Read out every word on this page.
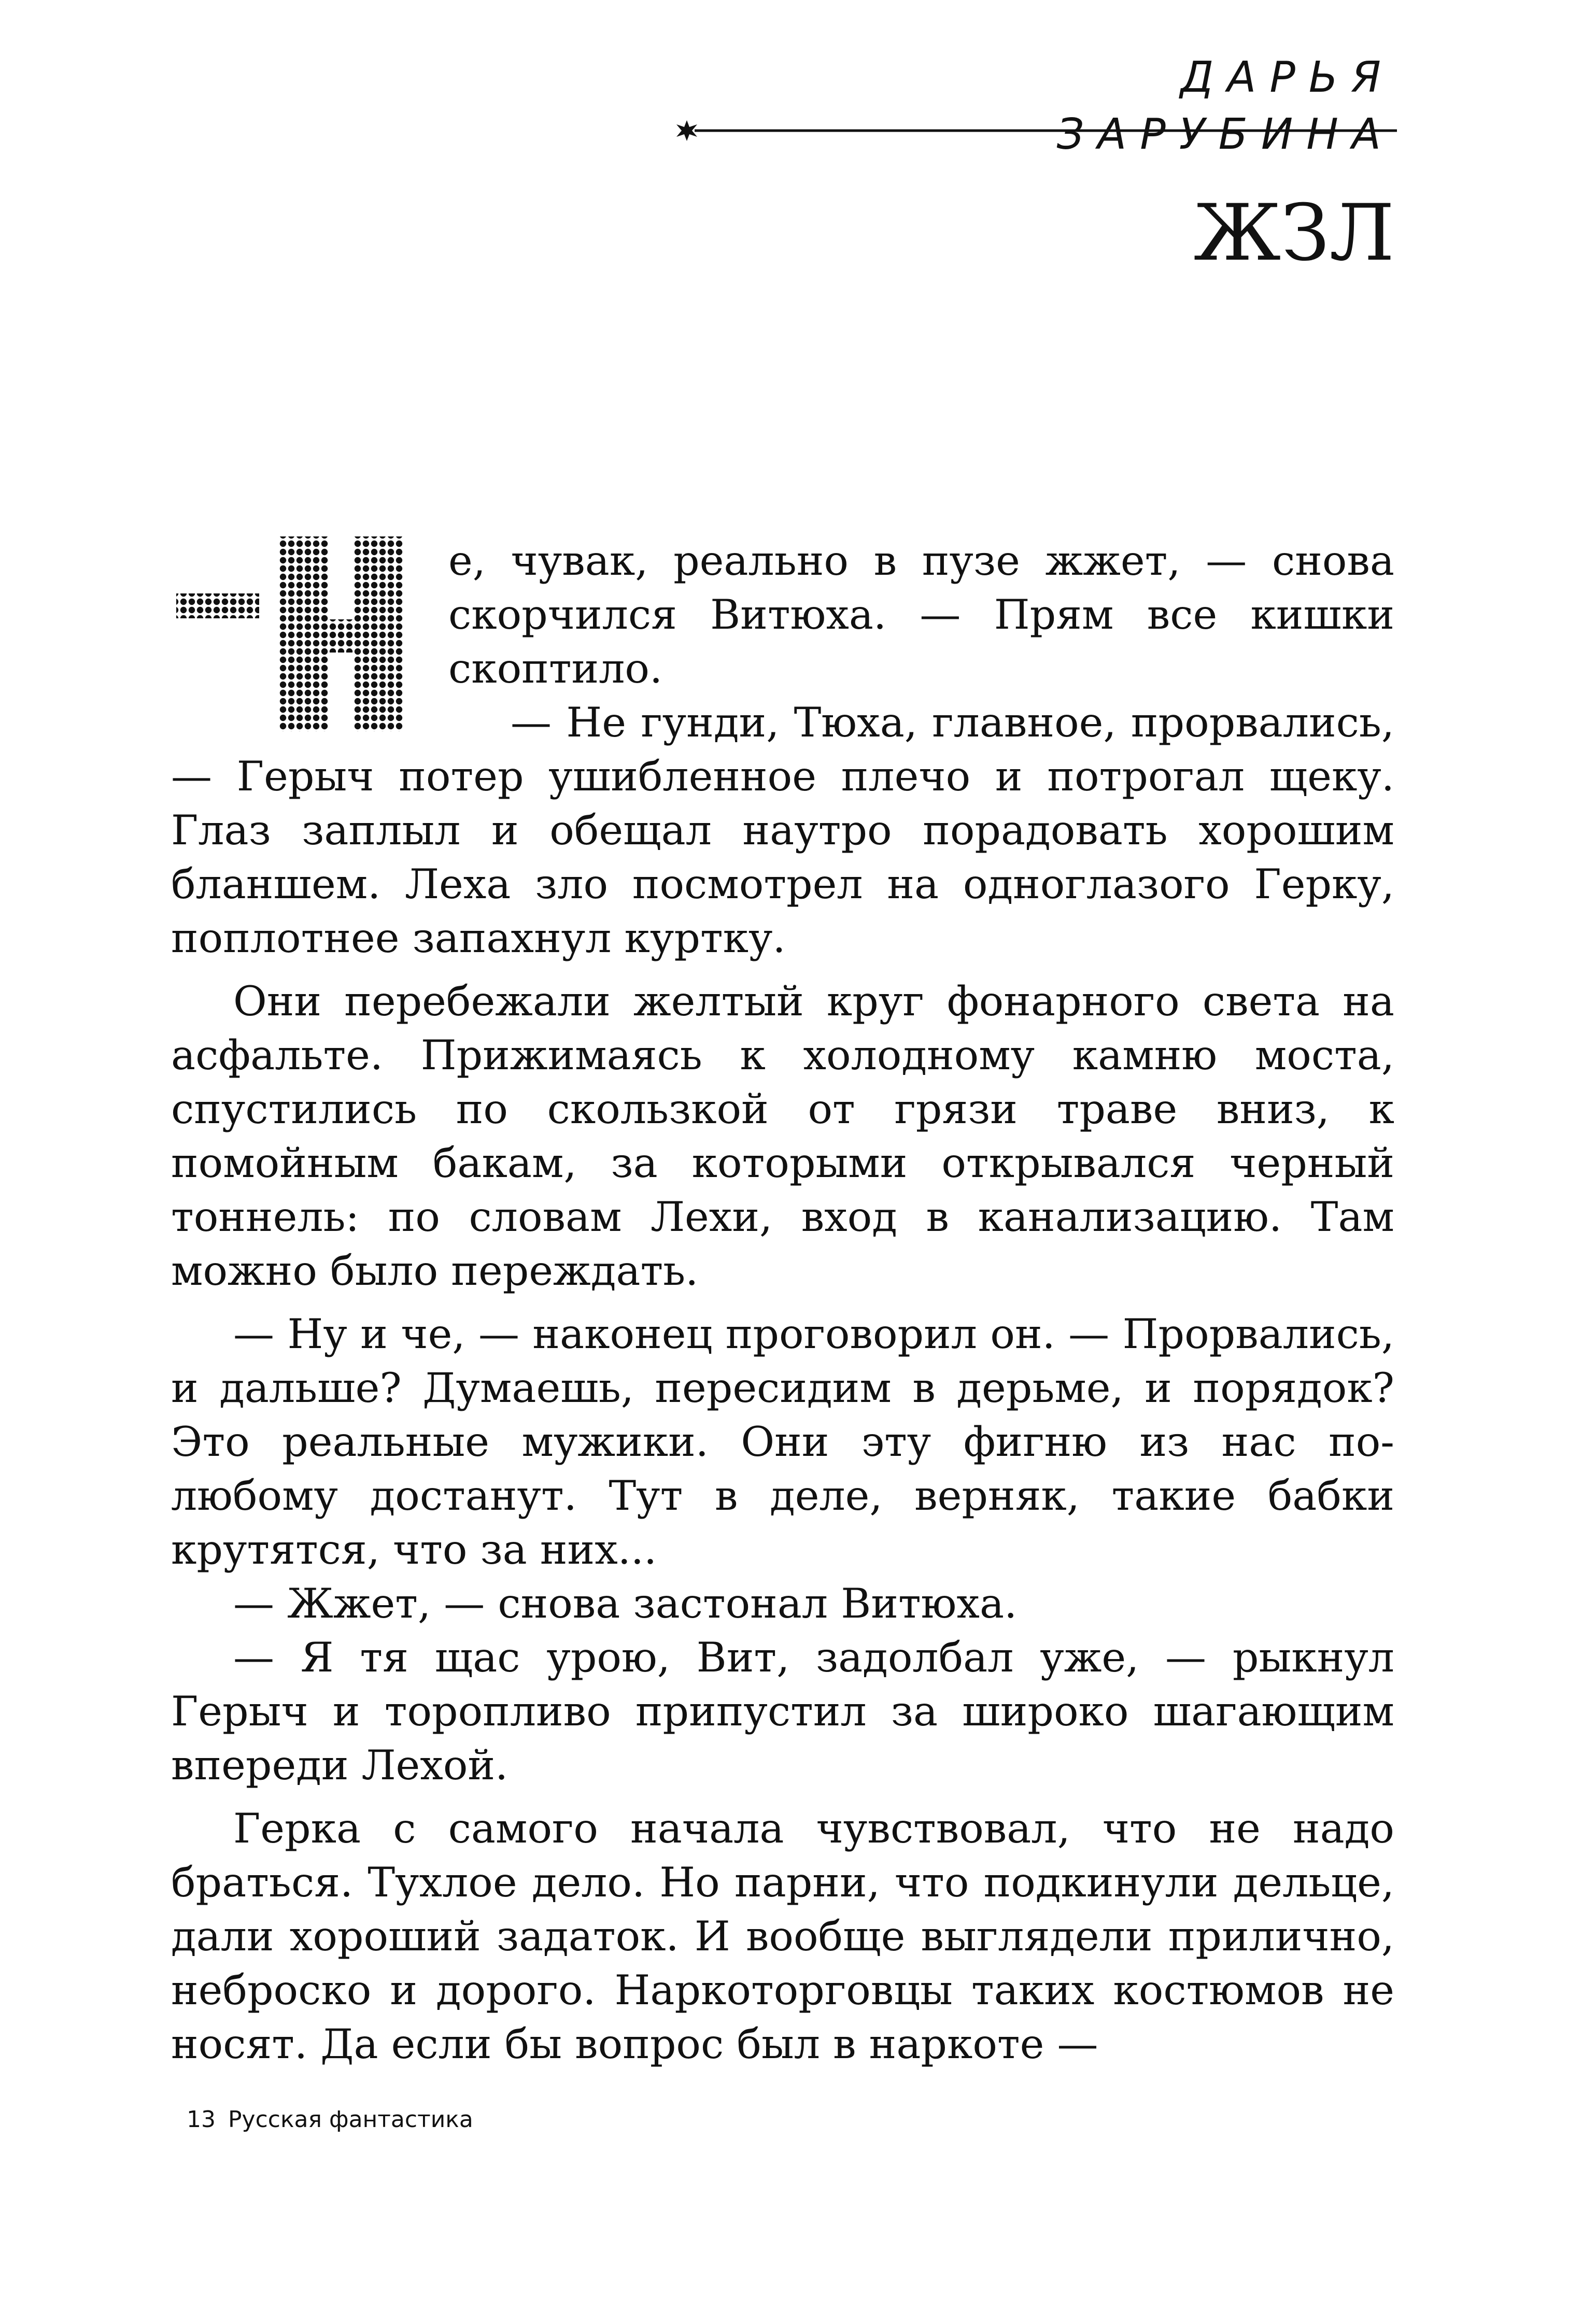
ДАРЬЯ ЗАРУБИНА
ЖЗЛ

е, чувак, реально в пузе жжет, — снова скорчился Витюха. — Прям все кишки скоптило.

— Не гунди, Тюха, главное, прорвались, — Герыч потер ушибленное плечо и потрогал щеку. Глаз заплыл и обещал наутро порадовать хорошим бланшем. Леха зло посмотрел на одноглазого Герку, поплотнее запахнул куртку.

Они перебежали желтый круг фонарного света на асфальте. Прижимаясь к холодному камню моста, спустились по скользкой от грязи траве вниз, к помойным бакам, за которыми открывался черный тоннель: по словам Лехи, вход в канализацию. Там можно было переждать.

— Ну и че, — наконец проговорил он. — Прорвались, и дальше? Думаешь, пересидим в дерьме, и порядок? Это реальные мужики. Они эту фигню из нас по-любому достанут. Тут в деле, верняк, такие бабки крутятся, что за них...

— Жжет, — снова застонал Витюха.

— Я тя щас урою, Вит, задолбал уже, — рыкнул Герыч и торопливо припустил за широко шагающим впереди Лехой.

Герка с самого начала чувствовал, что не надо браться. Тухлое дело. Но парни, что подкинули дельце, дали хороший задаток. И вообще выглядели прилично, неброско и дорого. Наркоторговцы таких костюмов не носят. Да если бы вопрос был в наркоте —

13 Русская фантастика
